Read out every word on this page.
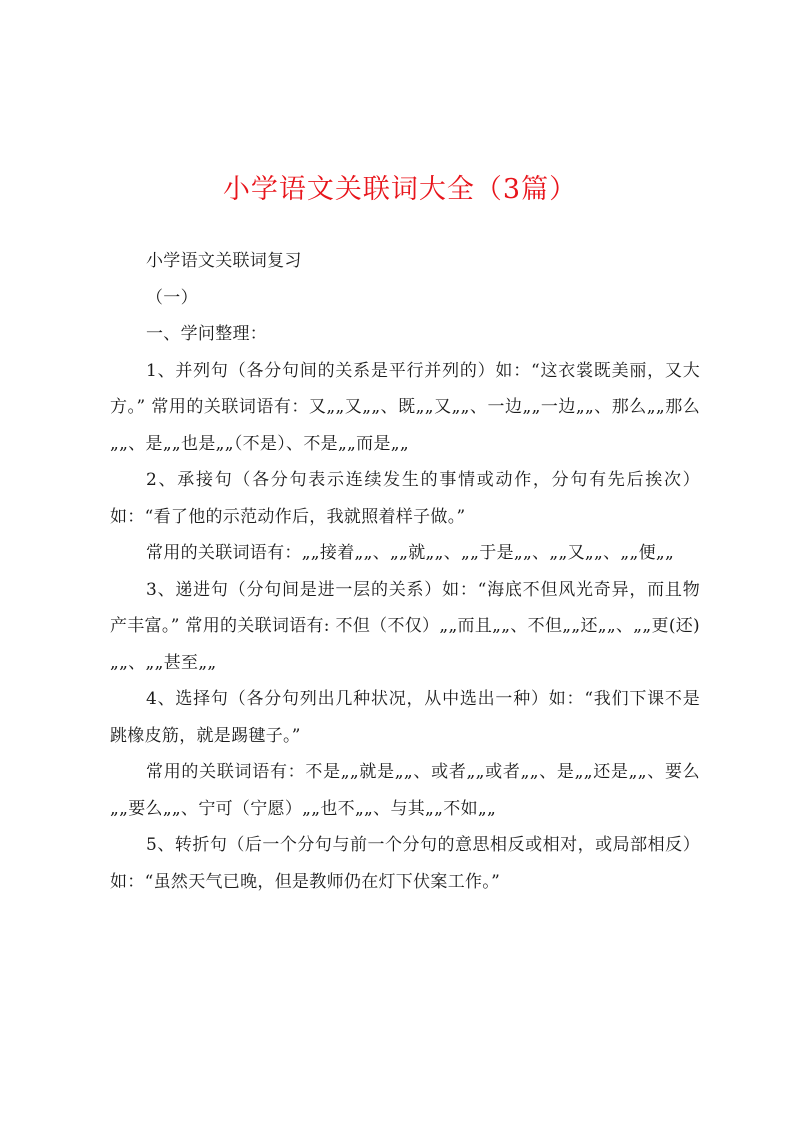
小学语文关联词大全（3篇）

小学语文关联词复习

（一）

一、学问整理：

1、并列句（各分句间的关系是平行并列的）如：“这衣裳既美丽，又大方。” 常用的关联词语有：又„„又„„、既„„又„„、一边„„一边„„、那么„„那么„„、是„„也是„„（不是）、不是„„而是„„

2、承接句（各分句表示连续发生的事情或动作，分句有先后挨次）如：“看了他的示范动作后，我就照着样子做。”

常用的关联词语有：„„接着„„、„„就„„、„„于是„„、„„又„„、„„便„„

3、递进句（分句间是进一层的关系）如：“海底不但风光奇异，而且物产丰富。” 常用的关联词语有: 不但（不仅）„„而且„„、不但„„还„„、„„更(还)„„、„„甚至„„

4、选择句（各分句列出几种状况，从中选出一种）如：“我们下课不是跳橡皮筋，就是踢毽子。”

常用的关联词语有：不是„„就是„„、或者„„或者„„、是„„还是„„、要么„„要么„„、宁可（宁愿）„„也不„„、与其„„不如„„

5、转折句（后一个分句与前一个分句的意思相反或相对，或局部相反）如：“虽然天气已晚，但是教师仍在灯下伏案工作。”
